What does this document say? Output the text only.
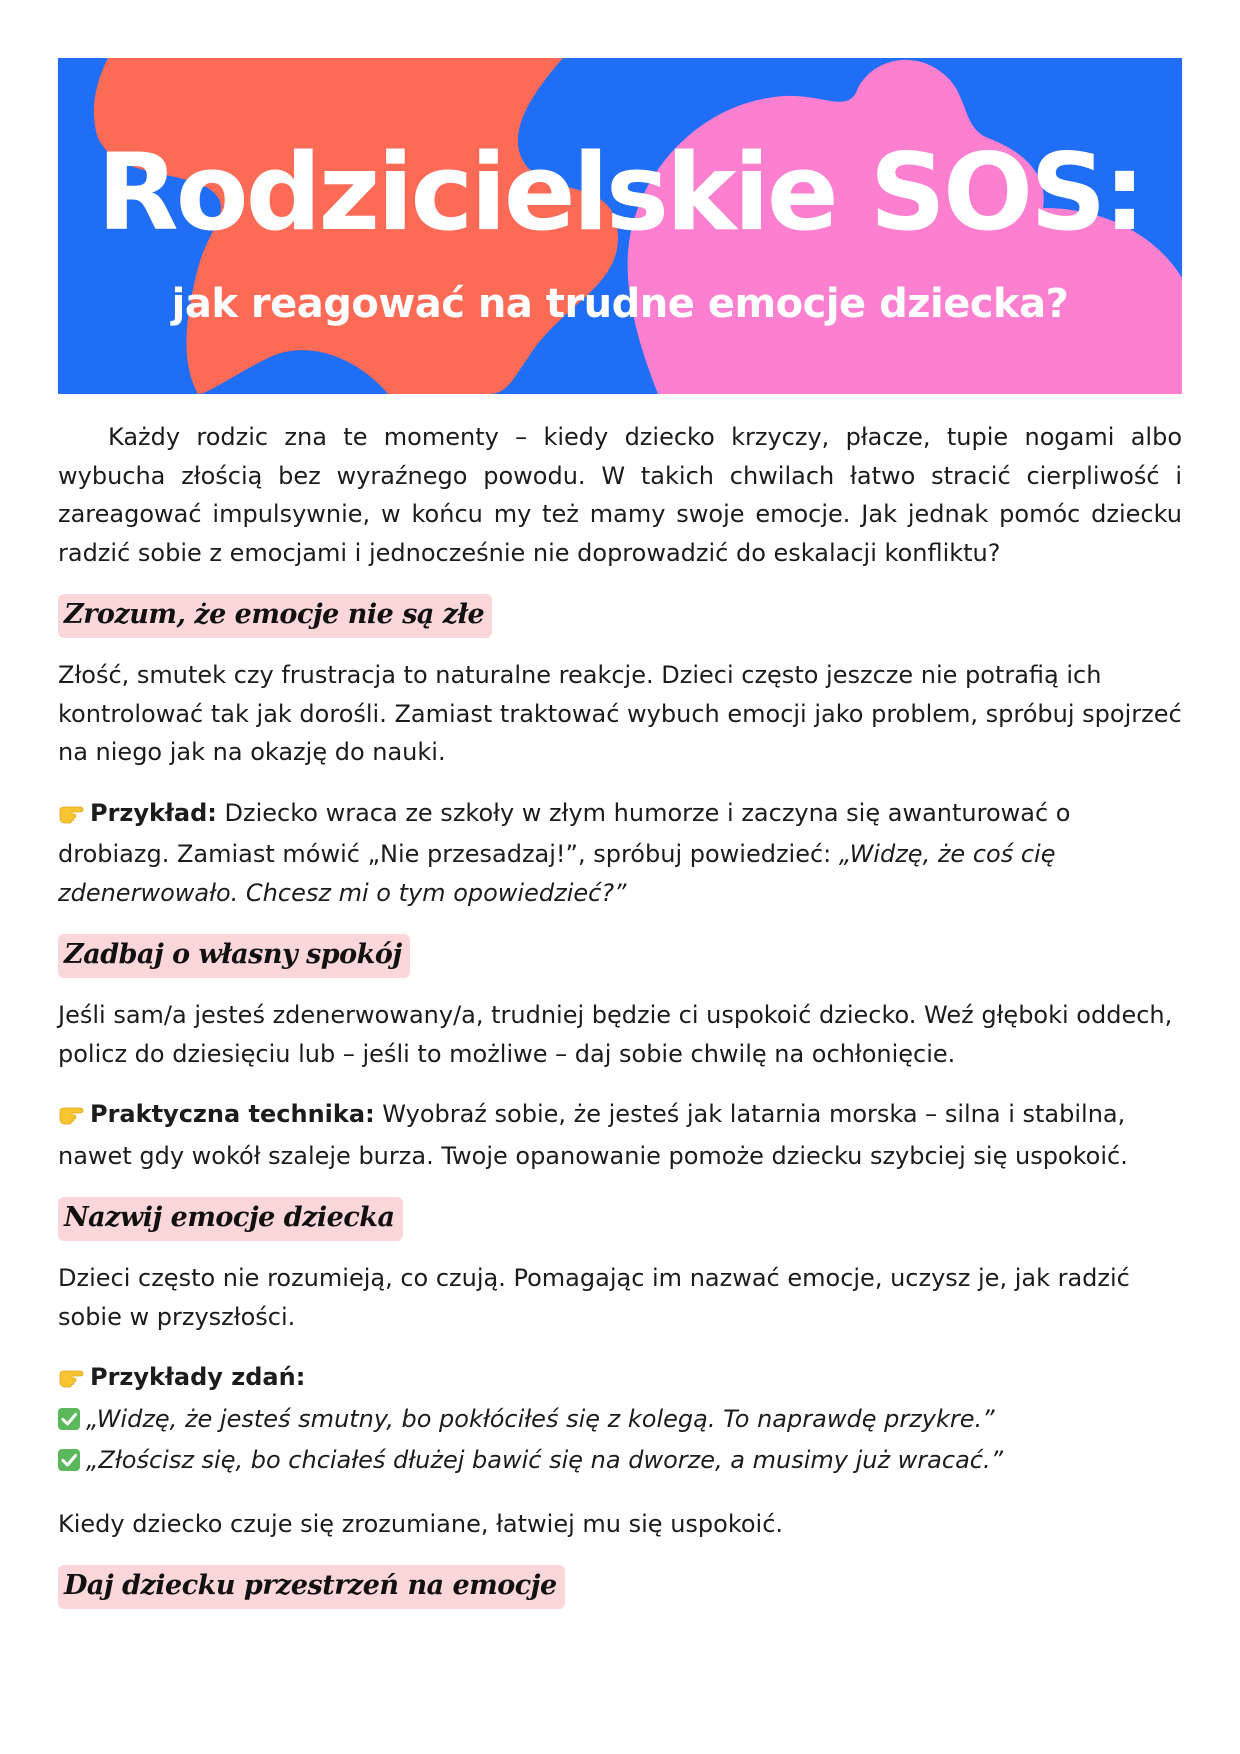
Rodzicielskie SOS:
jak reagować na trudne emocje dziecka?

Każdy rodzic zna te momenty – kiedy dziecko krzyczy, płacze, tupie nogami albo wybucha złością bez wyraźnego powodu. W takich chwilach łatwo stracić cierpliwość i zareagować impulsywnie, w końcu my też mamy swoje emocje. Jak jednak pomóc dziecku radzić sobie z emocjami i jednocześnie nie doprowadzić do eskalacji konfliktu?

Zrozum, że emocje nie są złe

Złość, smutek czy frustracja to naturalne reakcje. Dzieci często jeszcze nie potrafią ich kontrolować tak jak dorośli. Zamiast traktować wybuch emocji jako problem, spróbuj spojrzeć na niego jak na okazję do nauki.

Przykład: Dziecko wraca ze szkoły w złym humorze i zaczyna się awanturować o drobiazg. Zamiast mówić „Nie przesadzaj!”, spróbuj powiedzieć: „Widzę, że coś cię zdenerwowało. Chcesz mi o tym opowiedzieć?”

Zadbaj o własny spokój

Jeśli sam/a jesteś zdenerwowany/a, trudniej będzie ci uspokoić dziecko. Weź głęboki oddech, policz do dziesięciu lub – jeśli to możliwe – daj sobie chwilę na ochłonięcie.

Praktyczna technika: Wyobraź sobie, że jesteś jak latarnia morska – silna i stabilna, nawet gdy wokół szaleje burza. Twoje opanowanie pomoże dziecku szybciej się uspokoić.

Nazwij emocje dziecka

Dzieci często nie rozumieją, co czują. Pomagając im nazwać emocje, uczysz je, jak radzić sobie w przyszłości.

Przykłady zdań:

„Widzę, że jesteś smutny, bo pokłóciłeś się z kolegą. To naprawdę przykre.”

„Złościsz się, bo chciałeś dłużej bawić się na dworze, a musimy już wracać.”

Kiedy dziecko czuje się zrozumiane, łatwiej mu się uspokoić.

Daj dziecku przestrzeń na emocje
